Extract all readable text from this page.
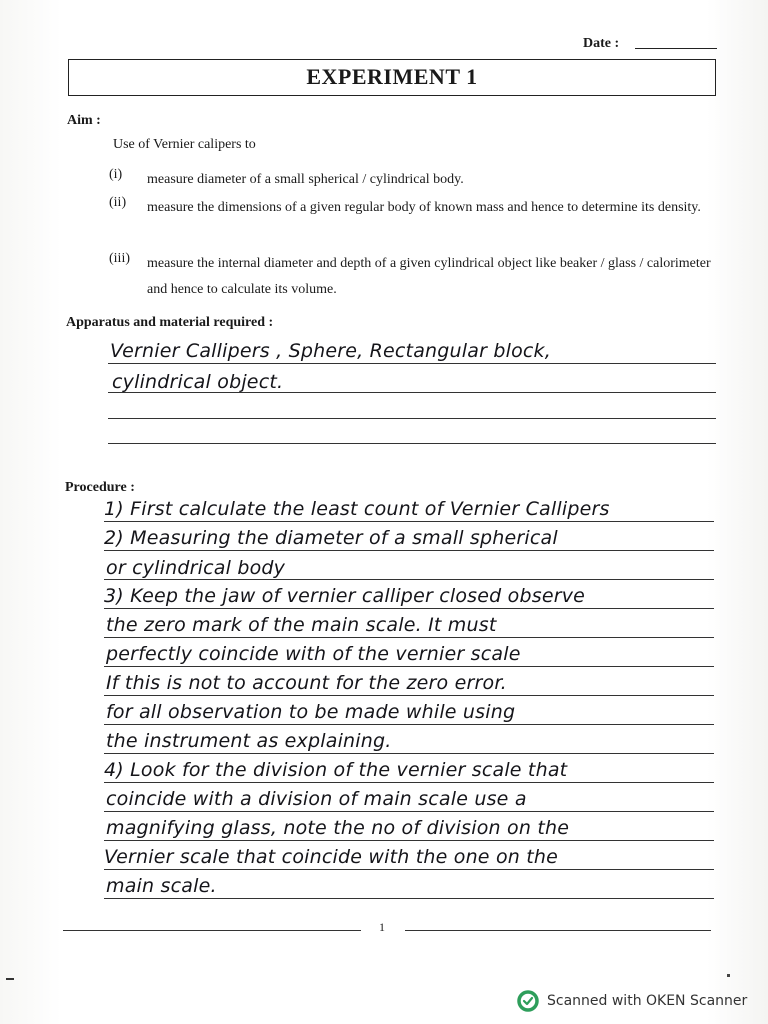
Date :
EXPERIMENT 1
Aim :
Use of Vernier calipers to
(i)	measure diameter of a small spherical / cylindrical body.
(ii)	measure the dimensions of a given regular body of known mass and hence to determine its density.
(iii)	measure the internal diameter and depth of a given cylindrical object like beaker / glass / calorimeter and hence to calculate its volume.
Apparatus and material required :
Vernier Callipers , Sphere, Rectangular block,
cylindrical object.
Procedure :
1) First calculate the least count of Vernier Callipers
2) Measuring the diameter of a small spherical
or cylindrical body
3) Keep the jaw of vernier calliper closed observe
the zero mark of the main scale. It must
perfectly coincide with of the vernier scale
If this is not to account for the zero error.
for all observation to be made while using
the instrument as explaining.
4) Look for the division of the vernier scale that
coincide with a division of main scale use a
magnifying glass, note the no of division on the
Vernier scale that coincide with the one on the
main scale.
1
Scanned with OKEN Scanner
